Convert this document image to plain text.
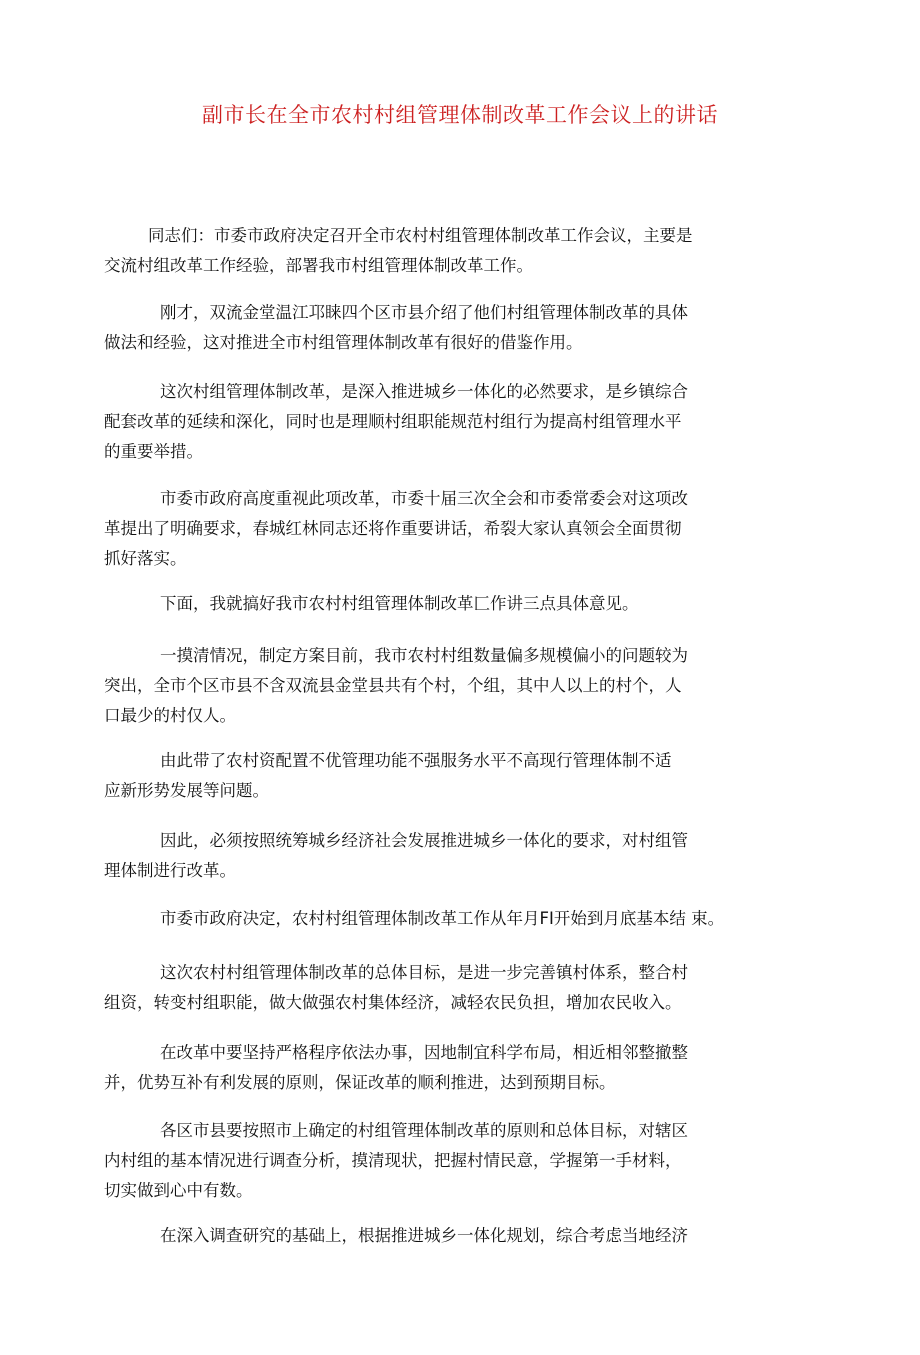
副市长在全市农村村组管理体制改革工作会议上的讲话
同志们：市委市政府决定召开全市农村村组管理体制改革工作会议，主要是
交流村组改革工作经验，部署我市村组管理体制改革工作。
刚才，双流金堂温江邛睐四个区市县介绍了他们村组管理体制改革的具体
做法和经验，这对推进全市村组管理体制改革有很好的借鉴作用。
这次村组管理体制改革，是深入推进城乡一体化的必然要求，是乡镇综合
配套改革的延续和深化，同时也是理顺村组职能规范村组行为提高村组管理水平
的重要举措。
市委市政府高度重视此项改革，市委十届三次全会和市委常委会对这项改
革提出了明确要求，春城红林同志还将作重要讲话，希裂大家认真领会全面贯彻
抓好落实。
下面，我就搞好我市农村村组管理体制改革匚作讲三点具体意见。
一摸清情况，制定方案目前，我市农村村组数量偏多规模偏小的问题较为
突出，全市个区市县不含双流县金堂县共有个村，个组，其中人以上的村个，人
口最少的村仅人。
由此带了农村资配置不优管理功能不强服务水平不高现行管理体制不适
应新形势发展等问题。
因此，必须按照统筹城乡经济社会发展推进城乡一体化的要求，对村组管
理体制进行改革。
市委市政府决定，农村村组管理体制改革工作从年月FI开始到月底基本结 束。
这次农村村组管理体制改革的总体目标，是进一步完善镇村体系，整合村
组资，转变村组职能，做大做强农村集体经济，减轻农民负担，增加农民收入。
在改革中要坚持严格程序依法办事，因地制宜科学布局，相近相邻整撤整
并，优势互补有利发展的原则，保证改革的顺利推进，达到预期目标。
各区市县要按照市上确定的村组管理体制改革的原则和总体目标，对辖区
内村组的基本情况进行调查分析，摸清现状，把握村情民意，学握第一手材料，
切实做到心中有数。
在深入调查研究的基础上，根据推进城乡一体化规划，综合考虑当地经济
